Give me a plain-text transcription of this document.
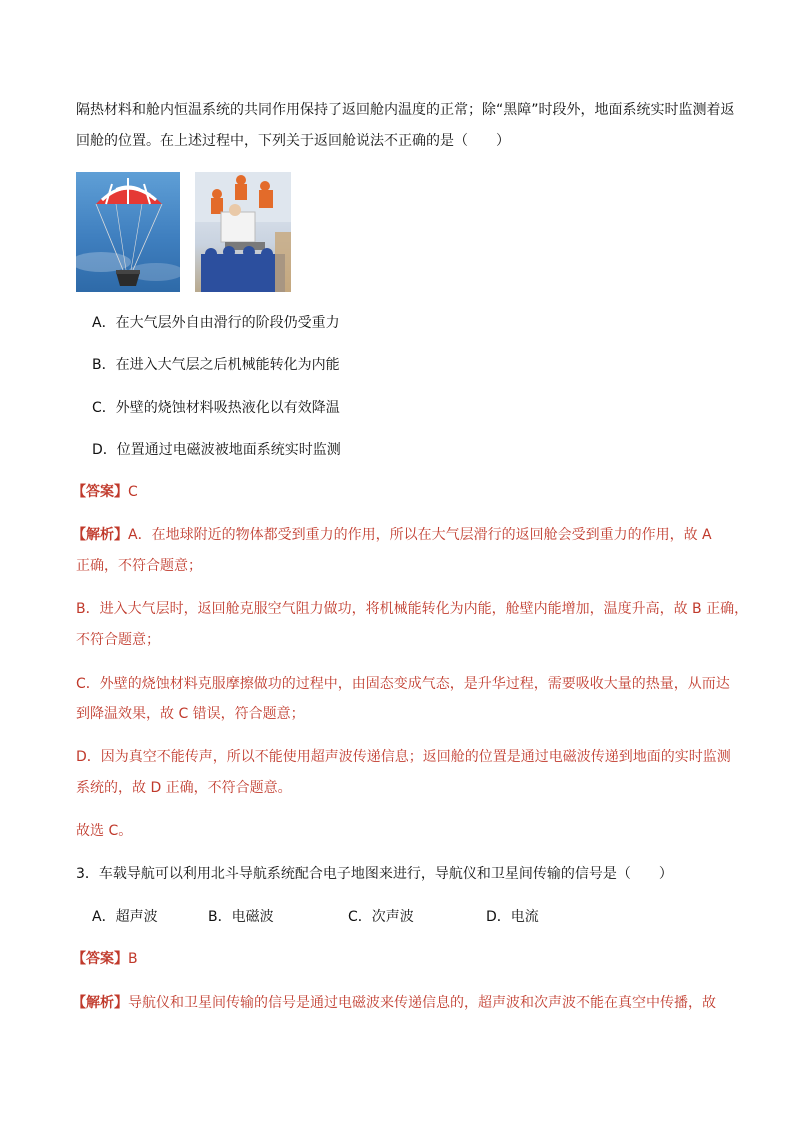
隔热材料和舱内恒温系统的共同作用保持了返回舱内温度的正常；除“黑障”时段外，地面系统实时监测着返
回舱的位置。在上述过程中，下列关于返回舱说法不正确的是（　　）
A．在大气层外自由滑行的阶段仍受重力
B．在进入大气层之后机械能转化为内能
C．外壁的烧蚀材料吸热液化以有效降温
D．位置通过电磁波被地面系统实时监测
【答案】C
【解析】A．在地球附近的物体都受到重力的作用，所以在大气层滑行的返回舱会受到重力的作用，故 A
正确，不符合题意；
B．进入大气层时，返回舱克服空气阻力做功，将机械能转化为内能，舱壁内能增加，温度升高，故 B 正确，
不符合题意；
C．外壁的烧蚀材料克服摩擦做功的过程中，由固态变成气态，是升华过程，需要吸收大量的热量，从而达
到降温效果，故 C 错误，符合题意；
D．因为真空不能传声，所以不能使用超声波传递信息；返回舱的位置是通过电磁波传递到地面的实时监测
系统的，故 D 正确，不符合题意。
故选 C。
3．车载导航可以利用北斗导航系统配合电子地图来进行，导航仪和卫星间传输的信号是（　　）
A．超声波	B．电磁波	C．次声波	D．电流
【答案】B
【解析】导航仪和卫星间传输的信号是通过电磁波来传递信息的，超声波和次声波不能在真空中传播，故
